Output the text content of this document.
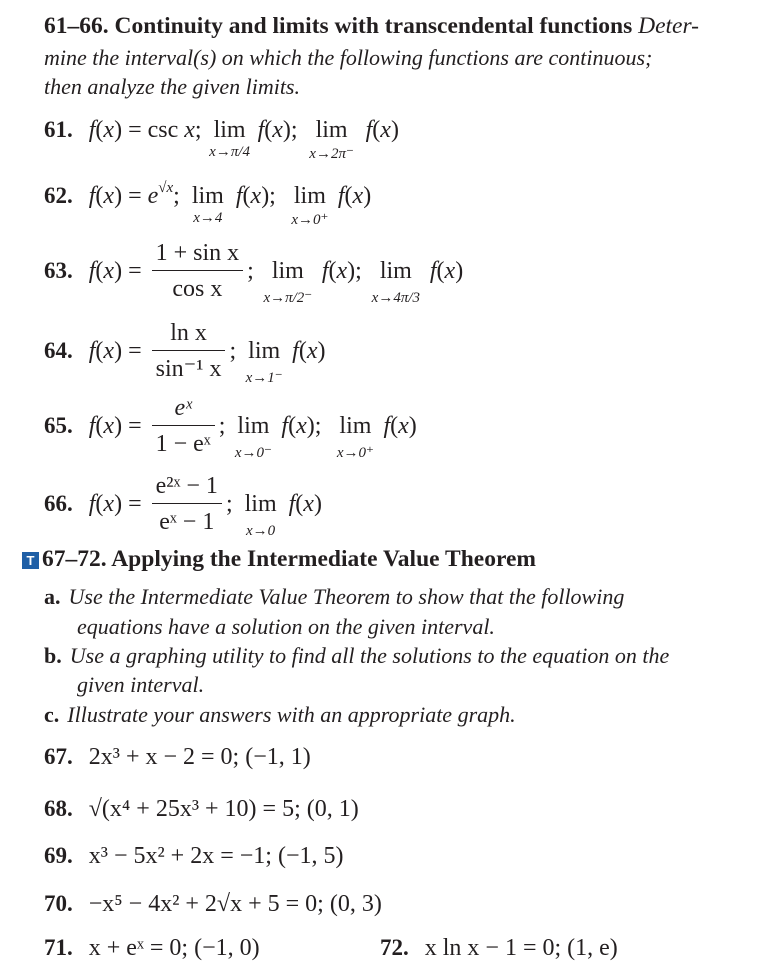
61–66. Continuity and limits with transcendental functions Deter-
mine the interval(s) on which the following functions are continuous;
then analyze the given limits.
61. f(x) = csc x;  lim
x→π/4
f(x);   lim
x→2π⁻
f(x)
62. $f(x) = e^{√x}$;  lim
x→4
f(x);   lim
x→0⁺
f(x)
63. $f(x) = \frac{\text{1 + sin x}}{\text{cos x}}$ ;   lim
x→π/2⁻
f(x);   lim
x→4π/3
f(x)
64. $f(x) = \frac{\text{ln x}}{\text{sin⁻¹ x}}$ ;  lim
x→1⁻
f(x)
65. $f(x) = \frac{\text{eˣ}}{\text{1 − eˣ}}$ ;  lim
x→0⁻
f(x);   lim
x→0⁺
f(x)
66. $f(x) = \frac{\text{e²ˣ − 1}}{\text{eˣ − 1}}$ ;  lim
x→0
f(x)
T 67–72. Applying the Intermediate Value Theorem
a. Use the Intermediate Value Theorem to show that the following
equations have a solution on the given interval.
b. Use a graphing utility to find all the solutions to the equation on the
given interval.
c. Illustrate your answers with an appropriate graph.
67. 2x³ + x − 2 = 0; (−1, 1)
68. √(x⁴ + 25x³ + 10) = 5; (0, 1)
69. x³ − 5x² + 2x = −1; (−1, 5)
70. −x⁵ − 4x² + 2√x + 5 = 0; (0, 3)
71. x + eˣ = 0; (−1, 0)	72. x ln x − 1 = 0; (1, e)
